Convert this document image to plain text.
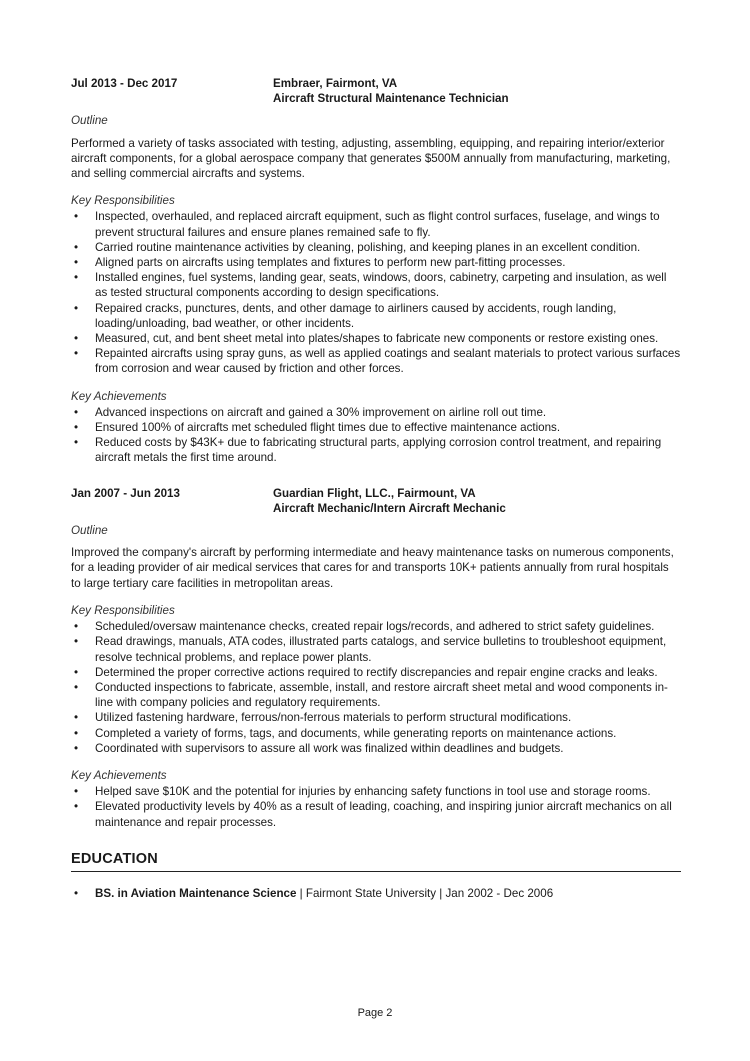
Jul 2013 - Dec 2017	Embraer, Fairmont, VA
Aircraft Structural Maintenance Technician
Outline
Performed a variety of tasks associated with testing, adjusting, assembling, equipping, and repairing interior/exterior aircraft components, for a global aerospace company that generates $500M annually from manufacturing, marketing, and selling commercial aircrafts and systems.
Key Responsibilities
• Inspected, overhauled, and replaced aircraft equipment, such as flight control surfaces, fuselage, and wings to prevent structural failures and ensure planes remained safe to fly.
• Carried routine maintenance activities by cleaning, polishing, and keeping planes in an excellent condition.
• Aligned parts on aircrafts using templates and fixtures to perform new part-fitting processes.
• Installed engines, fuel systems, landing gear, seats, windows, doors, cabinetry, carpeting and insulation, as well as tested structural components according to design specifications.
• Repaired cracks, punctures, dents, and other damage to airliners caused by accidents, rough landing, loading/unloading, bad weather, or other incidents.
• Measured, cut, and bent sheet metal into plates/shapes to fabricate new components or restore existing ones.
• Repainted aircrafts using spray guns, as well as applied coatings and sealant materials to protect various surfaces from corrosion and wear caused by friction and other forces.
Key Achievements
• Advanced inspections on aircraft and gained a 30% improvement on airline roll out time.
• Ensured 100% of aircrafts met scheduled flight times due to effective maintenance actions.
• Reduced costs by $43K+ due to fabricating structural parts, applying corrosion control treatment, and repairing aircraft metals the first time around.
Jan 2007 - Jun 2013	Guardian Flight, LLC., Fairmount, VA
Aircraft Mechanic/Intern Aircraft Mechanic
Outline
Improved the company's aircraft by performing intermediate and heavy maintenance tasks on numerous components, for a leading provider of air medical services that cares for and transports 10K+ patients annually from rural hospitals to large tertiary care facilities in metropolitan areas.
Key Responsibilities
• Scheduled/oversaw maintenance checks, created repair logs/records, and adhered to strict safety guidelines.
• Read drawings, manuals, ATA codes, illustrated parts catalogs, and service bulletins to troubleshoot equipment, resolve technical problems, and replace power plants.
• Determined the proper corrective actions required to rectify discrepancies and repair engine cracks and leaks.
• Conducted inspections to fabricate, assemble, install, and restore aircraft sheet metal and wood components in-line with company policies and regulatory requirements.
• Utilized fastening hardware, ferrous/non-ferrous materials to perform structural modifications.
• Completed a variety of forms, tags, and documents, while generating reports on maintenance actions.
• Coordinated with supervisors to assure all work was finalized within deadlines and budgets.
Key Achievements
• Helped save $10K and the potential for injuries by enhancing safety functions in tool use and storage rooms.
• Elevated productivity levels by 40% as a result of leading, coaching, and inspiring junior aircraft mechanics on all maintenance and repair processes.
EDUCATION
• BS. in Aviation Maintenance Science | Fairmont State University | Jan 2002 - Dec 2006
Page 2
